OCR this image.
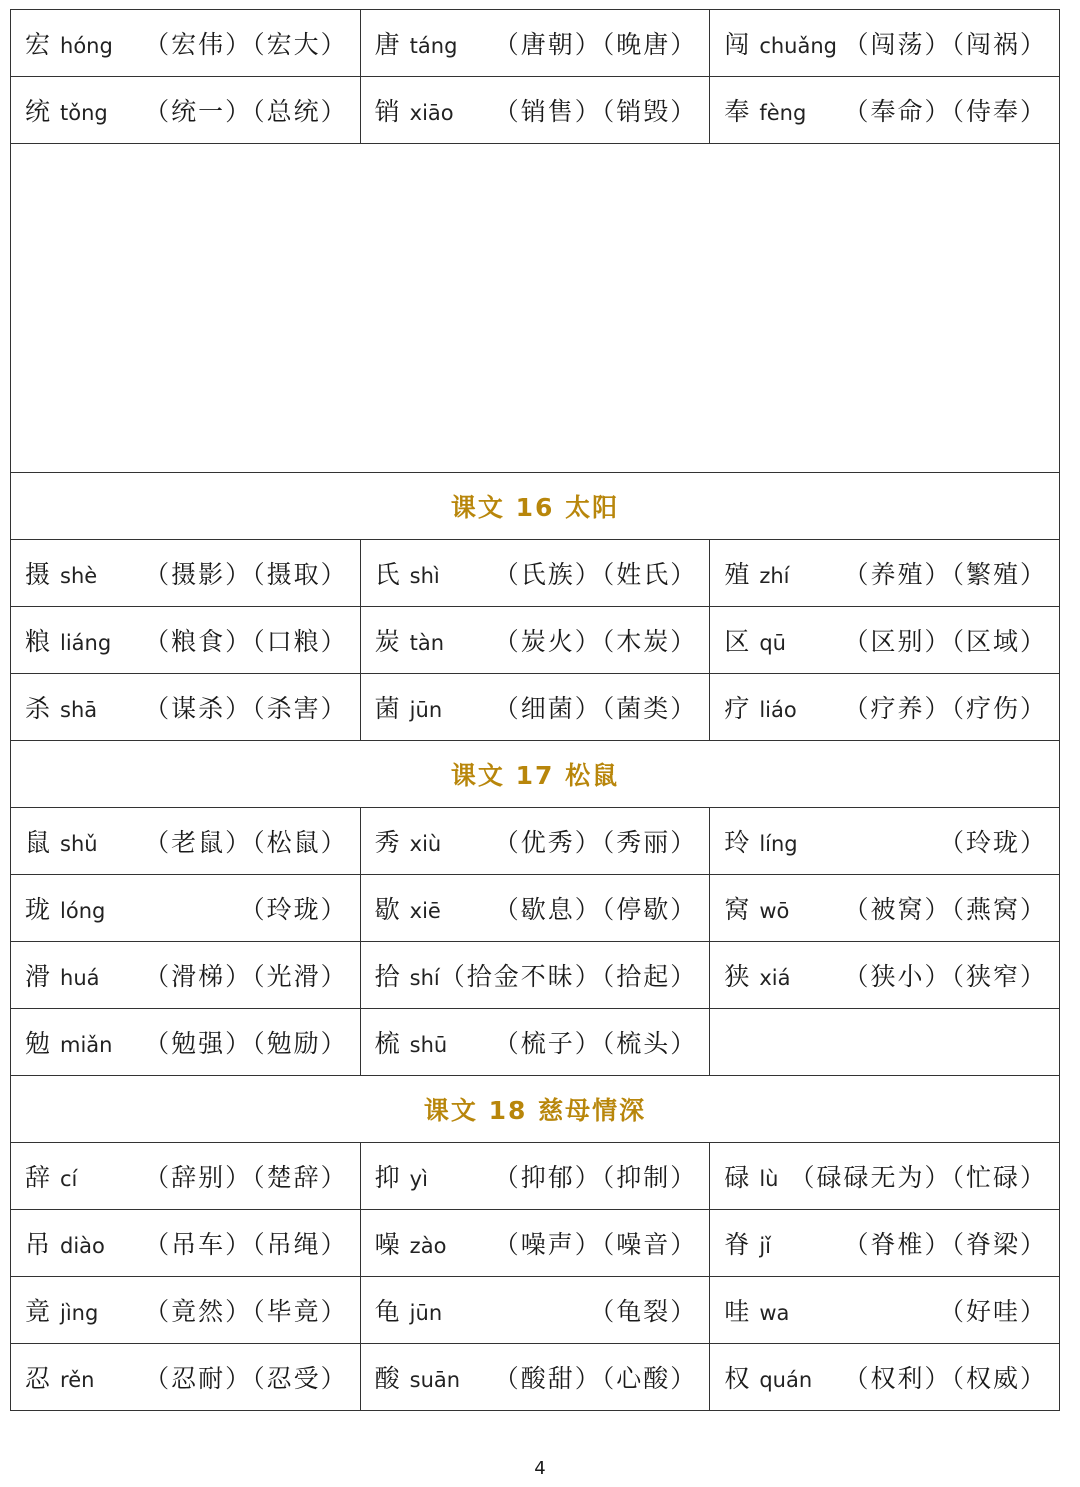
宏 hóng （宏伟）（宏大）	唐 táng （唐朝）（晚唐）	闯 chuǎng （闯荡）（闯祸）

统 tǒng （统一）（总统）	销 xiāo （销售）（销毁）	奉 fèng （奉命）（侍奉）

课文 16 太阳		

摄 shè （摄影）（摄取）	氏 shì （氏族）（姓氏）	殖 zhí （养殖）（繁殖）

粮 liáng （粮食）（口粮）	炭 tàn （炭火）（木炭）	区 qū （区别）（区域）

杀 shā （谋杀）（杀害）	菌 jūn （细菌）（菌类）	疗 liáo （疗养）（疗伤）

课文 17 松鼠		

鼠 shǔ （老鼠）（松鼠）	秀 xiù （优秀）（秀丽）	玲 líng （玲珑）

珑 lóng （玲珑）	歇 xiē （歇息）（停歇）	窝 wō （被窝）（燕窝）

滑 huá （滑梯）（光滑）	拾 shí （拾金不昧）（拾起）	狭 xiá （狭小）（狭窄）

勉 miǎn （勉强）（勉励）	梳 shū （梳子）（梳头）	

课文 18 慈母情深		

辞 cí （辞别）（楚辞）	抑 yì （抑郁）（抑制）	碌 lù （碌碌无为）（忙碌）

吊 diào （吊车）（吊绳）	噪 zào （噪声）（噪音）	脊 jǐ （脊椎）（脊梁）

竟 jìng （竟然）（毕竟）	龟 jūn （龟裂）	哇 wa （好哇）

忍 rěn （忍耐）（忍受）	酸 suān （酸甜）（心酸）	权 quán （权利）（权威）
4
